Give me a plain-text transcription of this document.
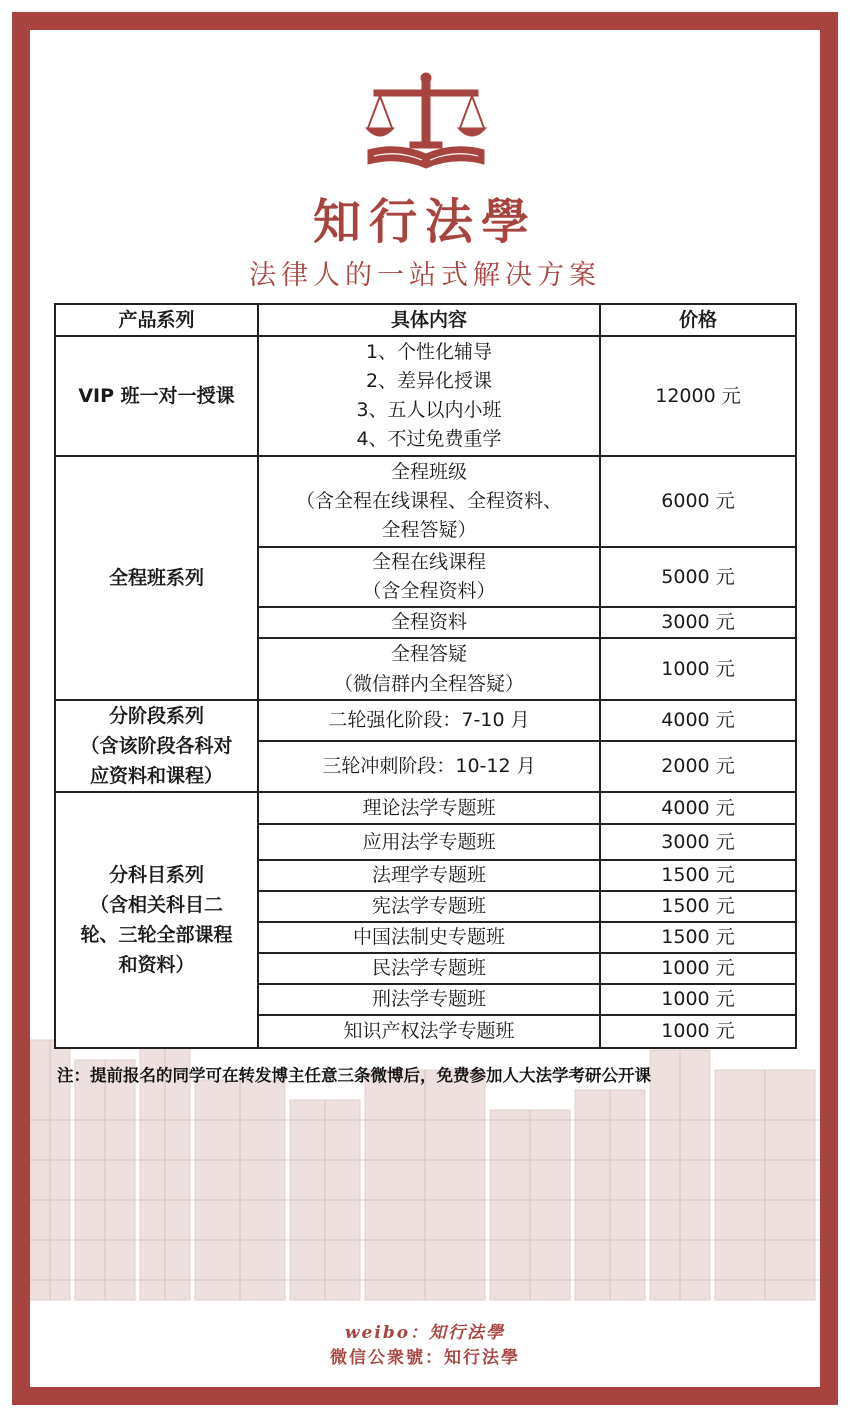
知行法學
法律人的一站式解决方案
产品系列	具体内容	价格
VIP 班一对一授课	1、个性化辅导
2、差异化授课
3、五人以内小班
4、不过免费重学	12000 元
全程班系列	全程班级
（含全程在线课程、全程资料、
全程答疑）	6000 元

	全程在线课程
（含全程资料）	5000 元
	全程资料	3000 元

	全程答疑
（微信群内全程答疑）	1000 元

分阶段系列
（含该阶段各科对
应资料和课程）	二轮强化阶段：7-10 月	4000 元
	三轮冲刺阶段：10-12 月	2000 元

分科目系列
（含相关科目二
轮、三轮全部课程
和资料）	理论法学专题班	4000 元
	应用法学专题班	3000 元
	法理学专题班	1500 元
	宪法学专题班	1500 元
	中国法制史专题班	1500 元
	民法学专题班	1000 元
	刑法学专题班	1000 元
	知识产权法学专题班	1000 元
注：提前报名的同学可在转发博主任意三条微博后，免费参加人大法学考研公开课
weibo：知行法學
微信公衆號：知行法學
